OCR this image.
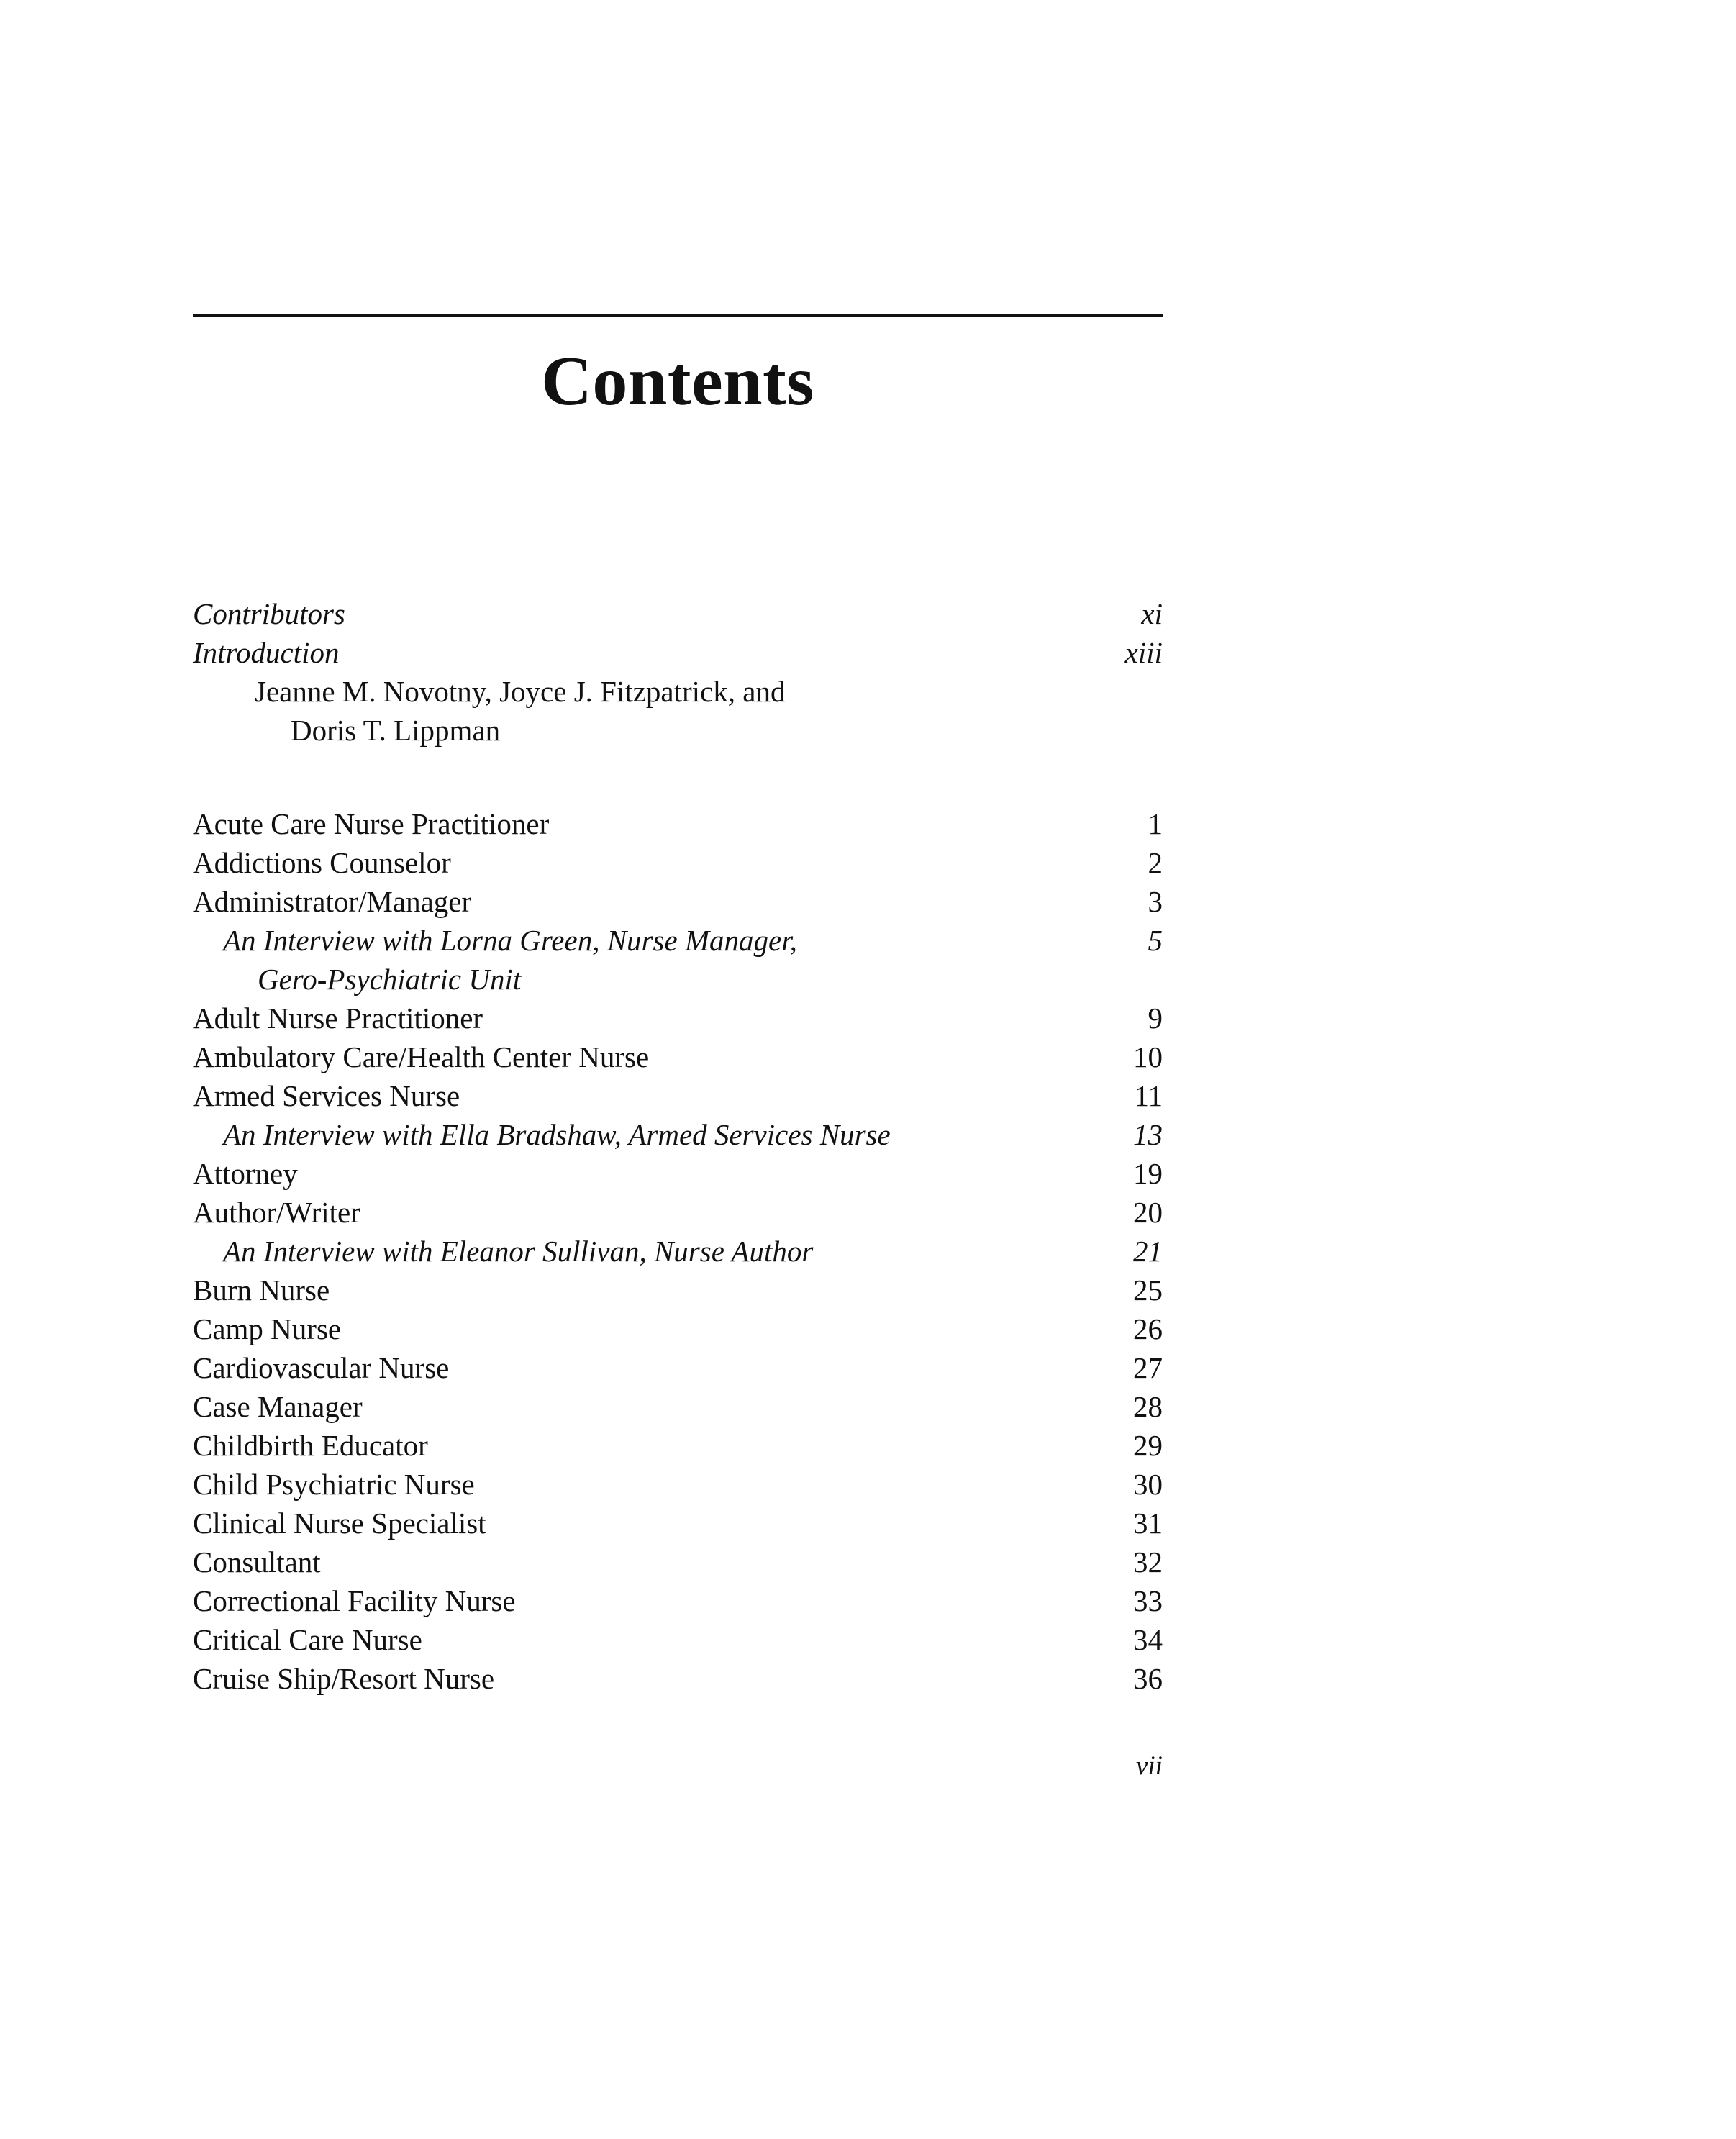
Contents
Contributors	xi
Introduction	xiii
Jeanne M. Novotny, Joyce J. Fitzpatrick, and
Doris T. Lippman
Acute Care Nurse Practitioner	1
Addictions Counselor	2
Administrator/Manager	3
An Interview with Lorna Green, Nurse Manager,	5
Gero-Psychiatric Unit
Adult Nurse Practitioner	9
Ambulatory Care/Health Center Nurse	10
Armed Services Nurse	11
An Interview with Ella Bradshaw, Armed Services Nurse	13
Attorney	19
Author/Writer	20
An Interview with Eleanor Sullivan, Nurse Author	21
Burn Nurse	25
Camp Nurse	26
Cardiovascular Nurse	27
Case Manager	28
Childbirth Educator	29
Child Psychiatric Nurse	30
Clinical Nurse Specialist	31
Consultant	32
Correctional Facility Nurse	33
Critical Care Nurse	34
Cruise Ship/Resort Nurse	36
vii
